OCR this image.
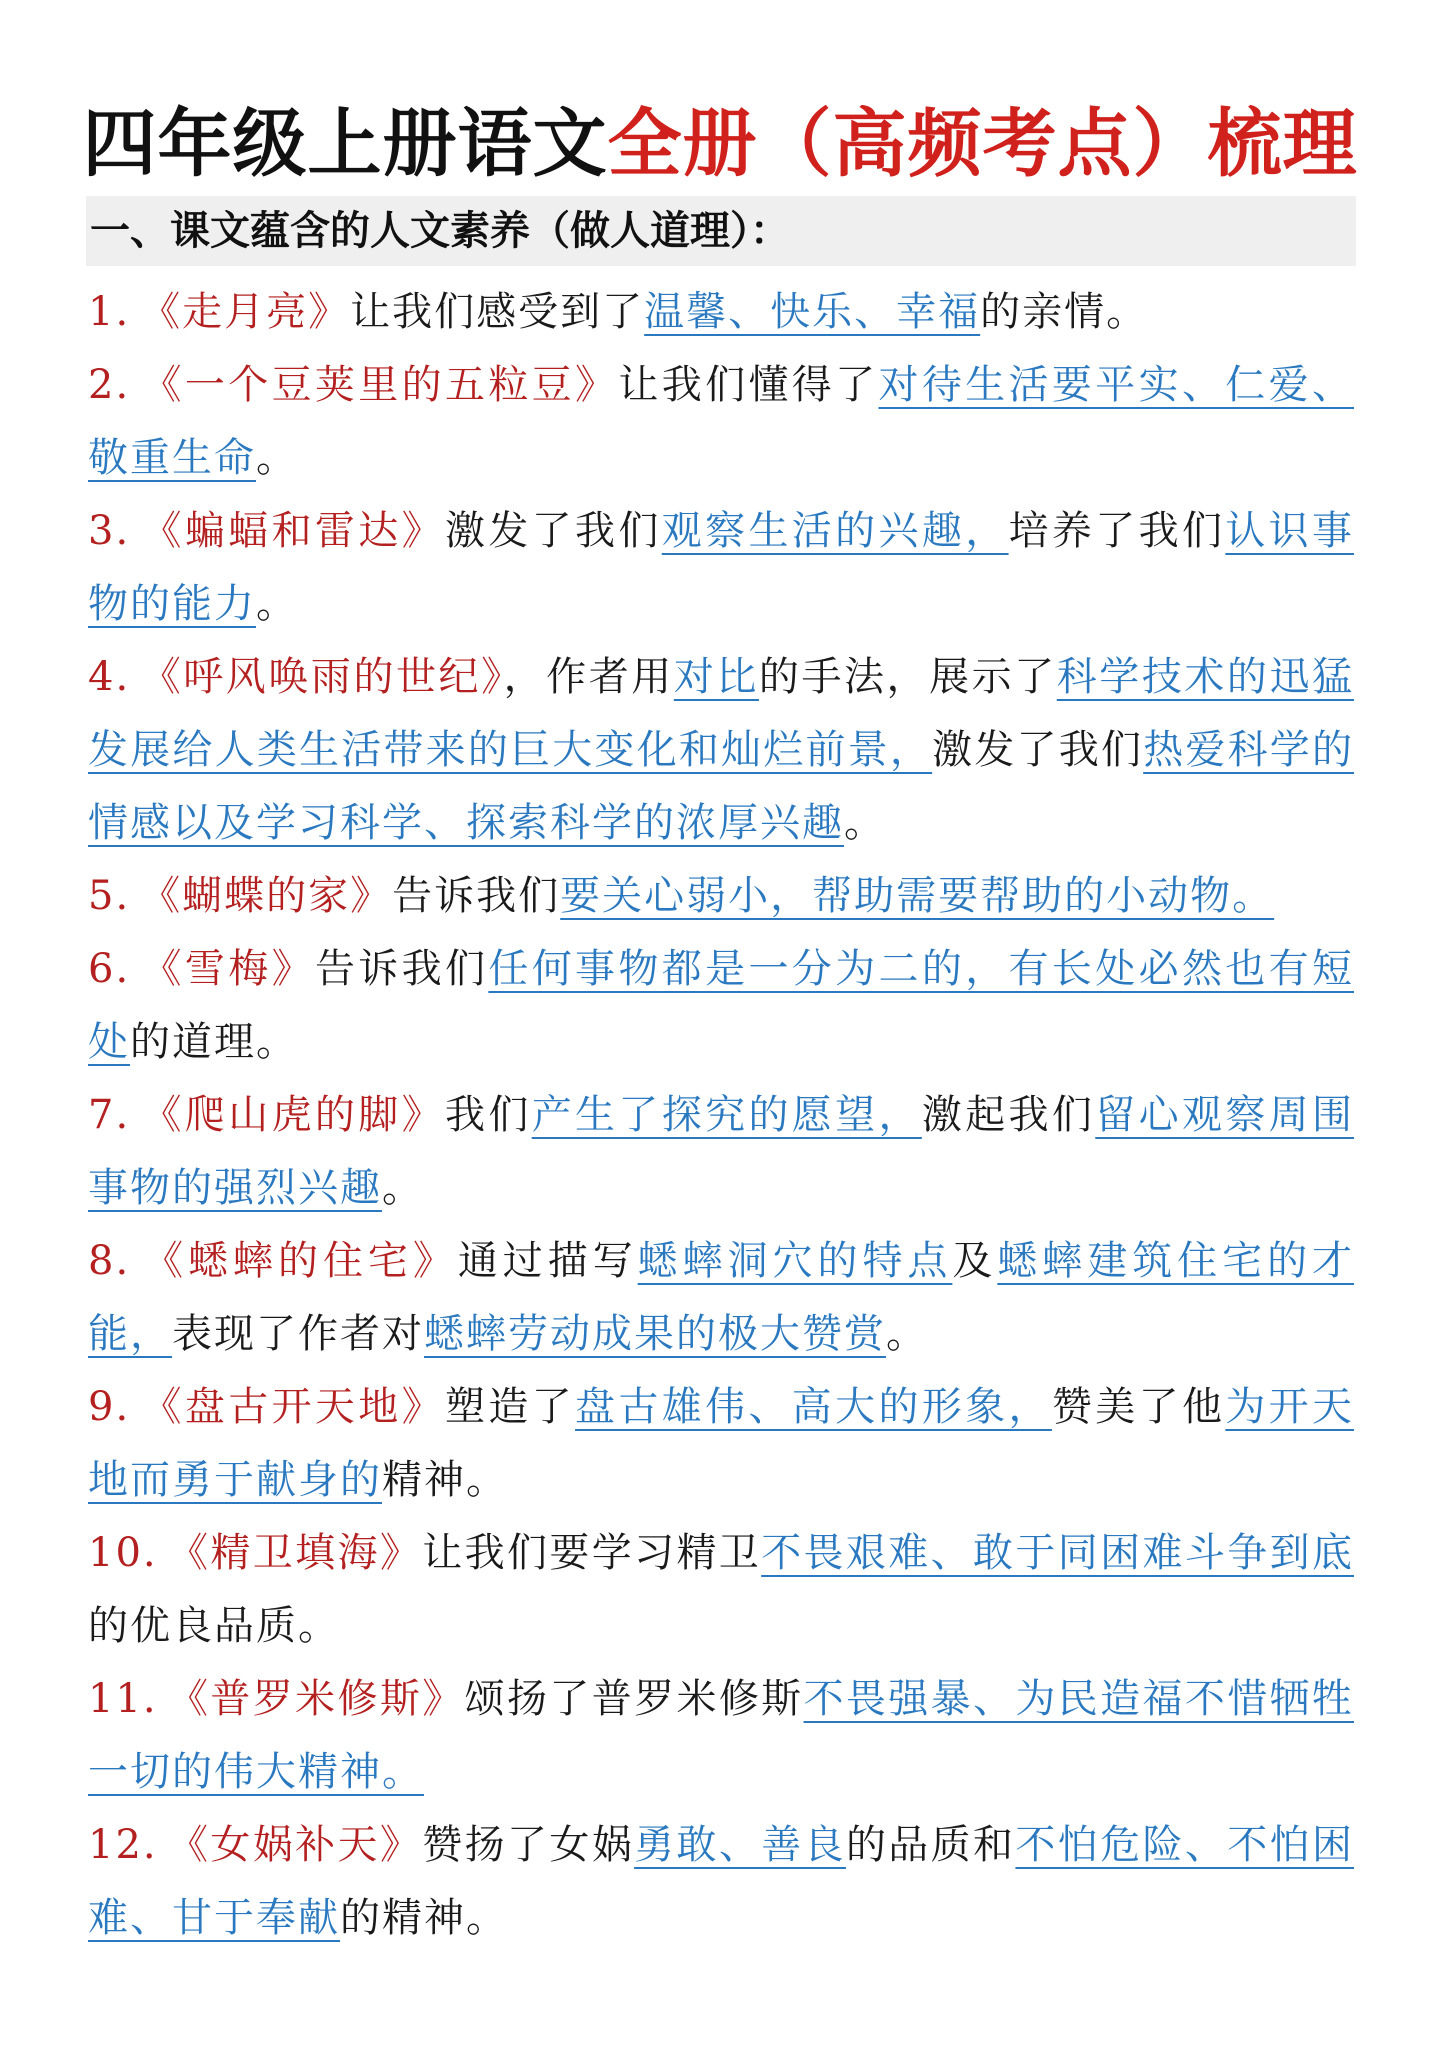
四年级上册语文全册（高频考点）梳理
一、课文蕴含的人文素养（做人道理）：
1. 《走月亮》让我们感受到了温馨、快乐、幸福的亲情。
2. 《一个豆荚里的五粒豆》让我们懂得了对待生活要平实、仁爱、敬重生命。
3. 《蝙蝠和雷达》激发了我们观察生活的兴趣，培养了我们认识事物的能力。
4. 《呼风唤雨的世纪》，作者用对比的手法，展示了科学技术的迅猛发展给人类生活带来的巨大变化和灿烂前景，激发了我们热爱科学的情感以及学习科学、探索科学的浓厚兴趣。
5. 《蝴蝶的家》告诉我们要关心弱小，帮助需要帮助的小动物。
6. 《雪梅》告诉我们任何事物都是一分为二的，有长处必然也有短处的道理。
7. 《爬山虎的脚》我们产生了探究的愿望，激起我们留心观察周围事物的强烈兴趣。
8. 《蟋蟀的住宅》通过描写蟋蟀洞穴的特点及蟋蟀建筑住宅的才能，表现了作者对蟋蟀劳动成果的极大赞赏。
9. 《盘古开天地》塑造了盘古雄伟、高大的形象，赞美了他为开天地而勇于献身的精神。
10. 《精卫填海》让我们要学习精卫不畏艰难、敢于同困难斗争到底的优良品质。
11. 《普罗米修斯》颂扬了普罗米修斯不畏强暴、为民造福不惜牺牲一切的伟大精神。
12. 《女娲补天》赞扬了女娲勇敢、善良的品质和不怕危险、不怕困难、甘于奉献的精神。
